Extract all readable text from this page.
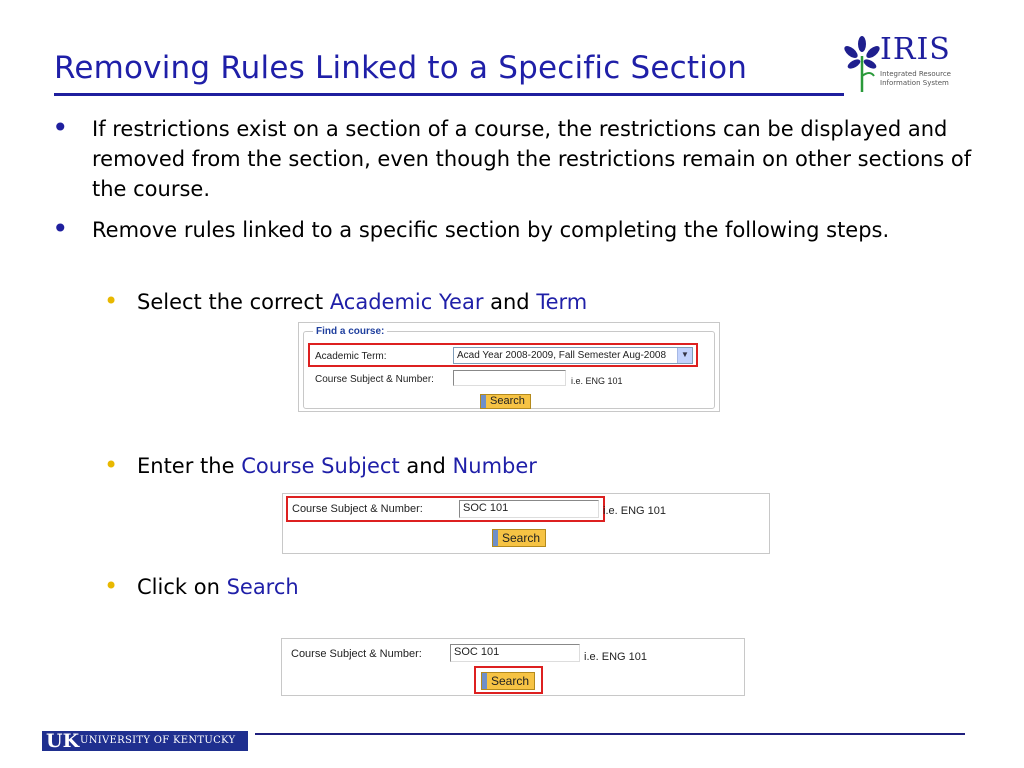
Removing Rules Linked to a Specific Section
IRIS
Integrated Resource
Information System
• If restrictions exist on a section of a course, the restrictions can be displayed and removed from the section, even though the restrictions remain on other sections of the course.
• Remove rules linked to a specific section by completing the following steps.
• Select the correct Academic Year and Term
Find a course:
Academic Term:	Acad Year 2008-2009, Fall Semester Aug-2008	▼
Course Subject & Number:	i.e. ENG 101
Search
• Enter the Course Subject and Number
Course Subject & Number:	SOC 101	i.e. ENG 101
Search
• Click on Search
Course Subject & Number:	SOC 101	i.e. ENG 101
Search
UK UNIVERSITY OF KENTUCKY
